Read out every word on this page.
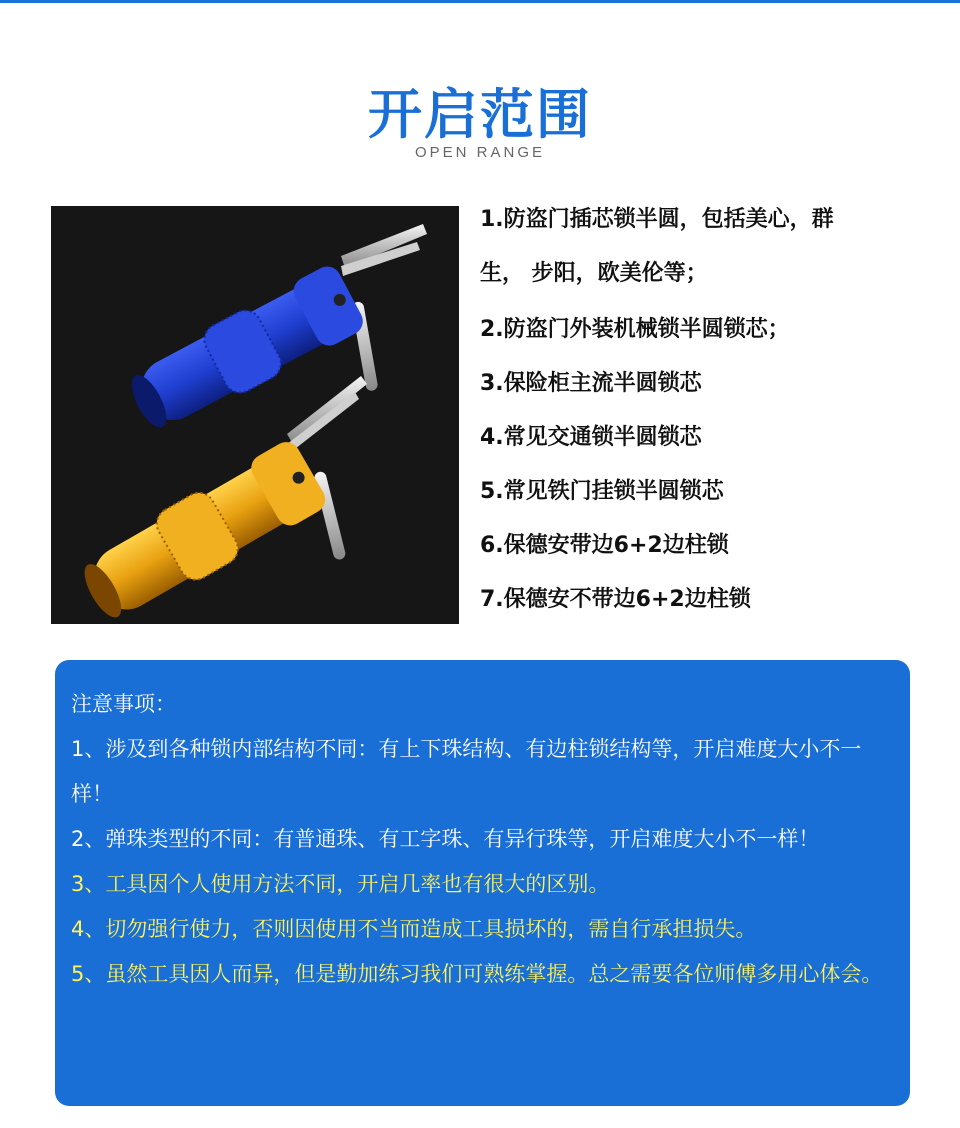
开启范围
OPEN RANGE
1.防盗门插芯锁半圆，包括美心，群
生， 步阳，欧美伦等；
2.防盗门外装机械锁半圆锁芯；
3.保险柜主流半圆锁芯
4.常见交通锁半圆锁芯
5.常见铁门挂锁半圆锁芯
6.保德安带边6+2边柱锁
7.保德安不带边6+2边柱锁
注意事项：

1、涉及到各种锁内部结构不同：有上下珠结构、有边柱锁结构等，开启难度大小不一样！

2、弹珠类型的不同：有普通珠、有工字珠、有异行珠等，开启难度大小不一样！

3、工具因个人使用方法不同，开启几率也有很大的区别。

4、切勿强行使力，否则因使用不当而造成工具损坏的，需自行承担损失。

5、虽然工具因人而异，但是勤加练习我们可熟练掌握。总之需要各位师傅多用心体会。
